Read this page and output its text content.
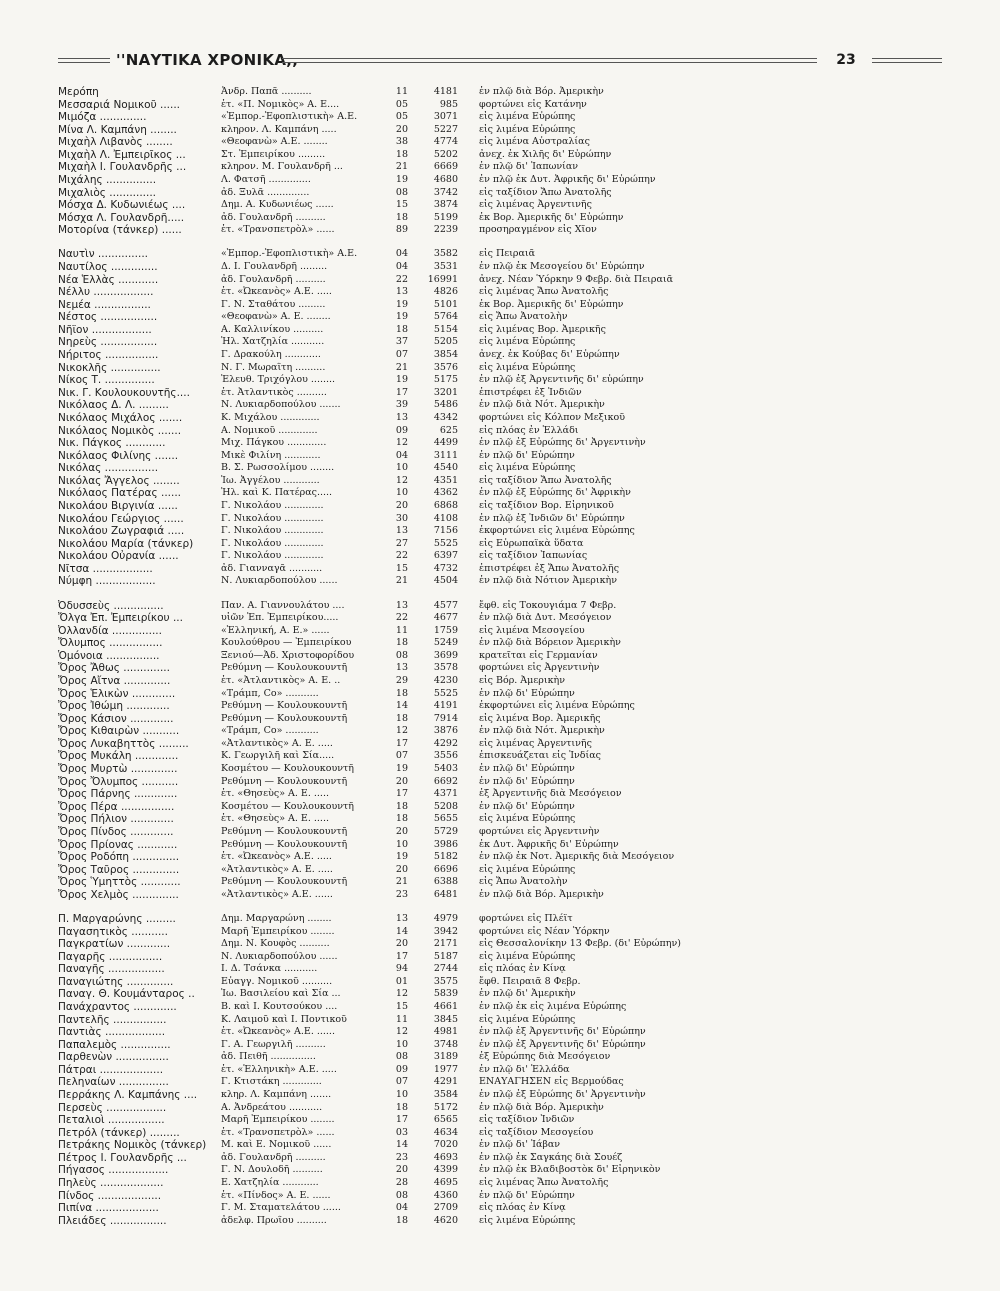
''ΝΑΥΤΙΚΑ ΧΡΟΝΙΚΑ,,	23
Μερόπη	Ἀνδρ. Παπᾶ ..........	11	4181 ἐν πλῷ διὰ Βόρ. Ἀμερικὴν
Μεσσαριά Νομικοῦ ......	ἑτ. «Π. Νομικὸς» Α. Ε....	05	985 φορτώνει εἰς Κατάνην
Μιμόζα ..............	«Ἐμπορ.-Ἐφοπλιστικὴ» Α.Ε.	05	3071 εἰς λιμένα Εὐρώπης
Μίνα Λ. Καμπάνη ........	κληρον. Λ. Καμπάνη .....	20	5227 εἰς λιμένα Εὐρώπης
Μιχαὴλ Λιβανὸς ........	«Θεοφανὼ» Α.Ε. ........	38	4774 εἰς λιμένα Αὐστραλίας
Μιχαὴλ Λ. Ἐμπειρῖκος ...	Στ. Ἐμπειρίκου .........	18	5202 ἀνεχ. ἐκ Χιλῆς δι' Εὐρώπην
Μιχαὴλ Ι. Γουλανδρῆς ...	κληρον. Μ. Γουλανδρῆ ...	21	6669 ἐν πλῷ δι' Ἰαπωνίαν
Μιχάλης ...............	Λ. Φατσῆ ..............	19	4680 ἐν πλῷ ἐκ Δυτ. Ἀφρικῆς δι' Εὐρώπην
Μιχαλιὸς ..............	ἀδ. Ξυλᾶ ..............	08	3742 εἰς ταξίδιον Ἄπω Ἀνατολῆς
Μόσχα Δ. Κυδωνιέως ....	Δημ. Α. Κυδωνιέως ......	15	3874 εἰς λιμένας Ἀργεντινῆς
Μόσχα Λ. Γουλανδρῆ.....	ἀδ. Γουλανδρῆ ..........	18	5199 ἐκ Βορ. Ἀμερικῆς δι' Εὐρώπην
Μοτορίνα (τάνκερ) ......	ἑτ. «Τρανσπετρὸλ» ......	89	2239 προσηραγμένον εἰς Χῖον
Ναυτὶν ...............	«Ἐμπορ.-Ἐφοπλιστικὴ» Α.Ε.	04	3582 εἰς Πειραιᾶ
Ναυτίλος ..............	Δ. Ι. Γουλανδρῆ .........	04	3531 ἐν πλῷ ἐκ Μεσογείου δι' Εὐρώπην
Νέα Ἑλλὰς ............	ἀδ. Γουλανδρῆ ..........	22	16991 ἀνεχ. Νέαν Ὑόρκην 9 Φεβρ. διὰ Πειραιᾶ
Νέλλυ ..................	ἑτ. «Ὠκεανὸς» Α.Ε. .....	13	4826 εἰς λιμένας Ἄπω Ἀνατολῆς
Νεμέα .................	Γ. Ν. Σταθάτου .........	19	5101 ἐκ Βορ. Ἀμερικῆς δι' Εὐρώπην
Νέστος .................	«Θεοφανὼ» Α. Ε. ........	19	5764 εἰς Ἄπω Ἀνατολὴν
Νῆϊον ..................	Α. Καλλινίκου ..........	18	5154 εἰς λιμένας Βορ. Ἀμερικῆς
Νηρεὺς .................	Ἠλ. Χατζηλία ...........	37	5205 εἰς λιμένα Εὐρώπης
Νήριτος ................	Γ. Δρακούλη ............	07	3854 ἀνεχ. ἐκ Κούβας δι' Εὐρώπην
Νικοκλῆς ...............	Ν. Γ. Μωραΐτη ..........	21	3576 εἰς λιμένα Εὐρώπης
Νίκος Τ. ...............	Ἐλευθ. Τριχόγλου ........	19	5175 ἐν πλῷ ἐξ Ἀργεντινῆς δι' εὐρώπην
Νικ. Γ. Κουλουκουντῆς....	ἑτ. Ἀτλαντικὸς ..........	17	3201 ἐπιστρέφει ἐξ Ἰνδιῶν
Νικόλαος Δ. Λ. .........	Ν. Λυκιαρδοπούλου .......	39	5486 ἐν πλῷ διὰ Νότ. Ἀμερικὴν
Νικόλαος Μιχάλος .......	Κ. Μιχάλου .............	13	4342 φορτώνει εἰς Κόλπον Μεξικοῦ
Νικόλαος Νομικὸς .......	Α. Νομικοῦ .............	09	625 εἰς πλόας ἐν Ἑλλάδι
Νικ. Πάγκος ............	Μιχ. Πάγκου .............	12	4499 ἐν πλῷ ἐξ Εὐρώπης δι' Ἀργεντινὴν
Νικόλαος Φιλίνης .......	Μικὲ Φιλίνη ............	04	3111 ἐν πλῷ δι' Εὐρώπην
Νικόλας ................	Β. Σ. Ρωσσολίμου ........	10	4540 εἰς λιμένα Εὐρώπης
Νικόλας Ἄγγελος ........	Ἰω. Ἀγγέλου ............	12	4351 εἰς ταξίδιον Ἄπω Ἀνατολῆς
Νικόλαος Πατέρας ......	Ἠλ. καὶ Κ. Πατέρας.....	10	4362 ἐν πλῷ ἐξ Εὐρώπης δι' Ἀφρικὴν
Νικολάου Βιργινία ......	Γ. Νικολάου .............	20	6868 εἰς ταξίδιον Βορ. Εἰρηνικοῦ
Νικολάου Γεώργιος ......	Γ. Νικολάου .............	30	4108 ἐν πλῷ ἐξ Ἰνδιῶν δι' Εὐρώπην
Νικολάου Ζωγραφιά .....	Γ. Νικολάου .............	13	7156 ἐκφορτώνει εἰς λιμένα Εὐρώπης
Νικολάου Μαρία (τάνκερ)	Γ. Νικολάου .............	27	5525 εἰς Εὐρωπαϊκὰ ὕδατα
Νικολάου Οὐρανία ......	Γ. Νικολάου .............	22	6397 εἰς ταξίδιον Ἰαπωνίας
Νῖτσα ..................	ἀδ. Γιανναγᾶ ...........	15	4732 ἐπιστρέφει ἐξ Ἄπω Ἀνατολῆς
Νύμφη ..................	Ν. Λυκιαρδοπούλου ......	21	4504 ἐν πλῷ διὰ Νότιον Ἀμερικὴν
Ὀδυσσεὺς ...............	Παν. Α. Γιαννουλάτου ....	13	4577 ἔφθ. εἰς Τοκουγιάμα 7 Φεβρ.
Ὄλγα Ἐπ. Ἐμπειρίκου ...	υἱῶν Ἐπ. Ἐμπειρίκου.....	22	4677 ἐν πλῷ διὰ Δυτ. Μεσόγειον
Ὀλλανδία ...............	«Ἑλληνική, Α. Ε.» ......	11	1759 εἰς λιμένα Μεσογείου
Ὄλυμπος ................	Κουλούθρου — Ἐμπειρίκου	18	5249 ἐν πλῷ διὰ Βόρειον Ἀμερικὴν
Ὁμόνοια ................	Ξενιού—Ἀδ. Χριστοφορίδου	08	3699 κρατεῖται εἰς Γερμανίαν
Ὄρος Ἄθως ..............	Ρεθύμνη — Κουλουκουντῆ	13	3578 φορτώνει εἰς Ἀργεντινὴν
Ὄρος Αἴτνα ..............	ἑτ. «Ἀτλαντικὸς» Α. Ε. ..	29	4230 εἰς Βόρ. Ἀμερικὴν
Ὄρος Ἑλικὼν .............	«Τράμπ, Co» ...........	18	5525 ἐν πλῷ δι' Εὐρώπην
Ὄρος Ἰθώμη .............	Ρεθύμνη — Κουλουκουντῆ	14	4191 ἐκφορτώνει εἰς λιμένα Εὐρώπης
Ὄρος Κάσιον .............	Ρεθύμνη — Κουλουκουντῆ	18	7914 εἰς λιμένα Βορ. Ἀμερικῆς
Ὄρος Κιθαιρὼν ...........	«Τράμπ, Co» ...........	12	3876 ἐν πλῷ διὰ Νότ. Ἀμερικὴν
Ὄρος Λυκαβηττὸς .........	«Ἀτλαντικὸς» Α. Ε. .....	17	4292 εἰς λιμένας Ἀργεντινῆς
Ὄρος Μυκάλη .............	Κ. Γεωργιλῆ καὶ Σία.....	07	3556 ἐπισκευάζεται εἰς Ἰνδίας
Ὄρος Μυρτὼ ..............	Κοσμέτου — Κουλουκουντῆ	19	5403 ἐν πλῷ δι' Εὐρώπην
Ὄρος Ὄλυμπος ...........	Ρεθύμνη — Κουλουκουντῆ	20	6692 ἐν πλῷ δι' Εὐρώπην
Ὄρος Πάρνης .............	ἑτ. «Θησεὺς» Α. Ε. .....	17	4371 ἐξ Ἀργεντινῆς διὰ Μεσόγειον
Ὄρος Πέρα ................	Κοσμέτου — Κουλουκουντῆ	18	5208 ἐν πλῷ δι' Εὐρώπην
Ὄρος Πήλιον .............	ἑτ. «Θησεὺς» Α. Ε. .....	18	5655 εἰς λιμένα Εὐρώπης
Ὄρος Πίνδος .............	Ρεθύμνη — Κουλουκουντῆ	20	5729 φορτώνει εἰς Ἀργεντινὴν
Ὄρος Πρίονας ............	Ρεθύμνη — Κουλουκουντῆ	10	3986 ἐκ Δυτ. Ἀφρικῆς δι' Εὐρώπην
Ὄρος Ροδόπη ..............	ἑτ. «Ὠκεανὸς» Α.Ε. .....	19	5182 ἐν πλῷ ἐκ Νοτ. Ἀμερικῆς διὰ Μεσόγειον
Ὄρος Ταῦρος ..............	«Ἀτλαντικὸς» Α. Ε. .....	20	6696 εἰς λιμένα Εὐρώπης
Ὄρος Ὑμηττὸς ............	Ρεθύμνη — Κουλουκουντῆ	21	6388 εἰς Ἄπω Ἀνατολὴν
Ὄρος Χελμὸς ..............	«Ἀτλαντικὸς» Α.Ε. ......	23	6481 ἐν πλῷ διὰ Βόρ. Ἀμερικὴν
Π. Μαργαρώνης .........	Δημ. Μαργαρώνη ........	13	4979 φορτώνει εἰς Πλέϊτ
Παγασητικὸς ...........	Μαρῆ Ἐμπειρίκου ........	14	3942 φορτώνει εἰς Νέαν Ὑόρκην
Παγκρατίων .............	Δημ. Ν. Κουφὸς ..........	20	2171 εἰς Θεσσαλονίκην 13 Φεβρ. (δι' Εὐρώπην)
Παγαρῆς ................	Ν. Λυκιαρδοπούλου ......	17	5187 εἰς λιμένα Εὐρώπης
Παναγῆς .................	Ι. Δ. Τσάνκα ...........	94	2744 εἰς πλόας ἐν Κίνᾳ
Παναγιώτης ..............	Εὐαγγ. Νομικοῦ ..........	01	3575 ἔφθ. Πειραιᾶ 8 Φεβρ.
Παναγ. Θ. Κουμάνταρος ..	Ἰω. Βασιλείου καὶ Σία ...	12	5839 ἐν πλῷ δι' Ἀμερικὴν
Πανάχραντος .............	Β. καὶ Ι. Κουτσούκου ....	15	4661 ἐν πλῷ ἐκ εἰς λιμένα Εὐρώπης
Παντελῆς ................	Κ. Λαιμοῦ καὶ Ι. Ποντικοῦ	11	3845 εἰς λιμένα Εὐρώπης
Παντιὰς ..................	ἑτ. «Ὠκεανὸς» Α.Ε. ......	12	4981 ἐν πλῷ ἐξ Ἀργεντινῆς δι' Εὐρώπην
Παπαλεμὸς ...............	Γ. Α. Γεωργιλῆ ..........	10	3748 ἐν πλῷ ἐξ Ἀργεντινῆς δι' Εὐρώπην
Παρθενὼν ................	ἀδ. Πειθῆ ...............	08	3189 ἐξ Εὐρώπης διὰ Μεσόγειον
Πάτραι ...................	ἑτ. «Ἑλληνικὴ» Α.Ε. .....	09	1977 ἐν πλῷ δι' Ἑλλάδα
Πεληναίων ...............	Γ. Κτιστάκη .............	07	4291 ΕΝΑΥΑΓΗΣΕΝ εἰς Βερμούδας
Περράκης Λ. Καμπάνης ....	κληρ. Λ. Καμπάνη .......	10	3584 ἐν πλῷ ἐξ Εὐρώπης δι' Ἀργεντινὴν
Περσεὺς ..................	Α. Ἀνδρεάτου ...........	18	5172 ἐν πλῷ διὰ Βόρ. Ἀμερικὴν
Πεταλιοὶ .................	Μαρῆ Ἐμπειρίκου ........	17	6565 εἰς ταξίδιον Ἰνδιῶν
Πετρόλ (τάνκερ) .........	ἑτ. «Τρανσπετρὸλ» ......	03	4634 εἰς ταξίδιον Μεσογείου
Πετράκης Νομικὸς (τάνκερ)	Μ. καὶ Ε. Νομικοῦ ......	14	7020 ἐν πλῷ δι' Ἰάβαν
Πέτρος Ι. Γουλανδρῆς ...	ἀδ. Γουλανδρῆ ..........	23	4693 ἐν πλῷ ἐκ Σαγκάης διὰ Σουέζ
Πήγασος ..................	Γ. Ν. Δουλοδῆ ..........	20	4399 ἐν πλῷ ἐκ Βλαδιβοστὸκ δι' Εἰρηνικὸν
Πηλεὺς ...................	Ε. Χατζηλία ............	28	4695 εἰς λιμένας Ἄπω Ἀνατολῆς
Πίνδος ...................	ἑτ. «Πίνδος» Α. Ε. ......	08	4360 ἐν πλῷ δι' Εὐρώπην
Πιπίνα ...................	Γ. Μ. Σταματελάτου ......	04	2709 εἰς πλόας ἐν Κίνᾳ
Πλειάδες .................	ἀδελφ. Πρωΐου ..........	18	4620 εἰς λιμένα Εὐρώπης
